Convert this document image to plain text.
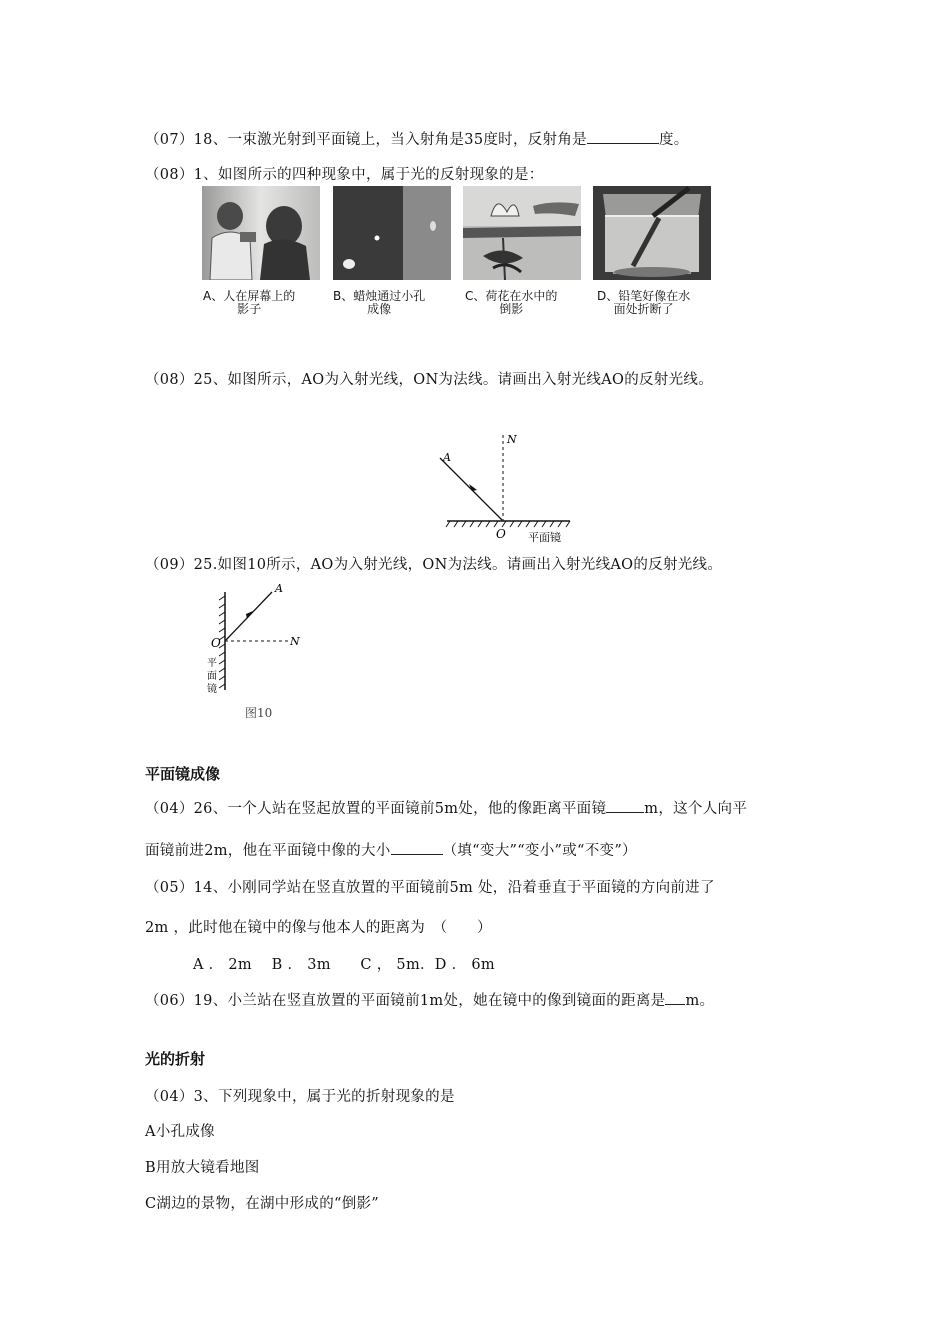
（07）18、一束激光射到平面镜上，当入射角是35度时，反射角是	度。
（08）1、如图所示的四种现象中，属于光的反射现象的是：
A、人在屏幕上的
影子
B、蜡烛通过小孔
成像
C、荷花在水中的
倒影
D、铅笔好像在水
面处折断了
（08）25、如图所示，AO为入射光线，ON为法线。请画出入射光线AO的反射光线。
A
N
O 平面镜
（09）25.如图10所示，AO为入射光线，ON为法线。请画出入射光线AO的反射光线。
A
N
O
平
面
镜
图10
平面镜成像
（04）26、一个人站在竖起放置的平面镜前5m处，他的像距离平面镜	m，这个人向平
面镜前进2m，他在平面镜中像的大小	（填“变大”“变小”或“不变”）
（05）14、小刚同学站在竖直放置的平面镜前5m 处，沿着垂直于平面镜的方向前进了
2m ，此时他在镜中的像与他本人的距离为　（　　）
A ． 2m　 B ． 3m　　C ， 5m．D ． 6m
（06）19、小兰站在竖直放置的平面镜前1m处，她在镜中的像到镜面的距离是 m。
光的折射
（04）3、下列现象中，属于光的折射现象的是
A小孔成像
B用放大镜看地图
C湖边的景物，在湖中形成的“倒影”
